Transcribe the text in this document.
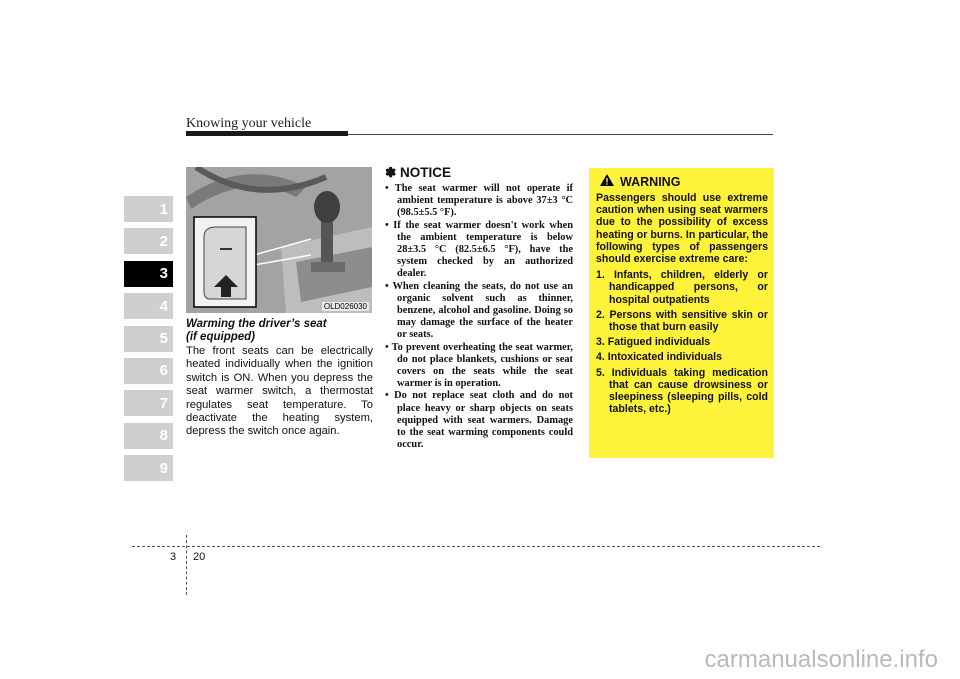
Knowing your vehicle
1
2
3
4
5
6
7
8
9
OLD026030
Warming the driver’s seat
(if equipped)
The front seats can be electrically heated individually when the ignition switch is ON. When you depress the seat warmer switch, a thermostat regulates seat temperature. To deactivate the heating system, depress the switch once again.
✽ NOTICE
• The seat warmer will not operate if ambient temperature is above 37±3 °C (98.5±5.5 °F).
• If the seat warmer doesn't work when the ambient temperature is below 28±3.5 °C (82.5±6.5 °F), have the system checked by an authorized dealer.
• When cleaning the seats, do not use an organic solvent such as thinner, benzene, alcohol and gasoline. Doing so may damage the surface of the heater or seats.
• To prevent overheating the seat warmer, do not place blankets, cushions or seat covers on the seats while the seat warmer is in operation.
• Do not replace seat cloth and do not place heavy or sharp objects on seats equipped with seat warmers. Damage to the seat warming components could occur.
WARNING
Passengers should use extreme caution when using seat warmers due to the possibility of excess heating or burns. In particular, the following types of passengers should exercise extreme care:
1. Infants, children, elderly or handicapped persons, or hospital outpatients
2. Persons with sensitive skin or those that burn easily
3. Fatigued individuals
4. Intoxicated individuals
5. Individuals taking medication that can cause drowsiness or sleepiness (sleeping pills, cold tablets, etc.)
3 20
carmanualsonline.info
